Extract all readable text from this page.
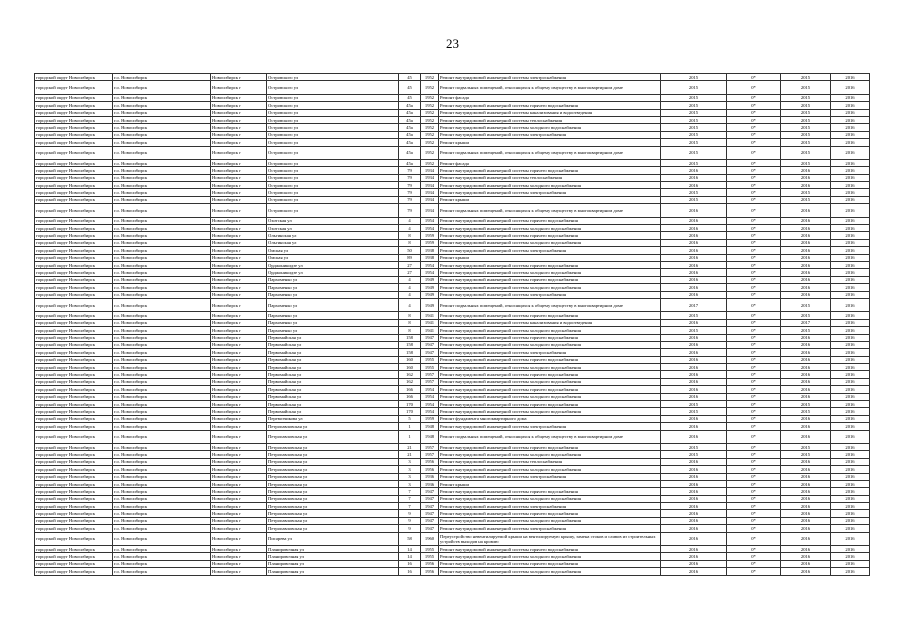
23
городской округ Новосибирск	г.о. Новосибирск	Новосибирск г	Островского ул	45	1952	Ремонт внутридомовой инженерной системы электроснабжения	2015	0*	2015	2016
городской округ Новосибирск	г.о. Новосибирск	Новосибирск г	Островского ул	45	1952	Ремонт подвальных помещений, относящихся к общему имуществу в многоквартирном доме	2015	0*	2015	2016
городской округ Новосибирск	г.о. Новосибирск	Новосибирск г	Островского ул	45	1952	Ремонт фасада	2015	0*	2015	2016
городской округ Новосибирск	г.о. Новосибирск	Новосибирск г	Островского ул	45а	1952	Ремонт внутридомовой инженерной системы горячего водоснабжения	2015	0*	2015	2016
городской округ Новосибирск	г.о. Новосибирск	Новосибирск г	Островского ул	45а	1952	Ремонт внутридомовой инженерной системы канализования и водоотведения	2015	0*	2015	2016
городской округ Новосибирск	г.о. Новосибирск	Новосибирск г	Островского ул	45а	1952	Ремонт внутридомовой инженерной системы теплоснабжения	2015	0*	2015	2016
городской округ Новосибирск	г.о. Новосибирск	Новосибирск г	Островского ул	45а	1952	Ремонт внутридомовой инженерной системы холодного водоснабжения	2015	0*	2015	2016
городской округ Новосибирск	г.о. Новосибирск	Новосибирск г	Островского ул	45а	1952	Ремонт внутридомовой инженерной системы электроснабжения	2015	0*	2015	2016
городской округ Новосибирск	г.о. Новосибирск	Новосибирск г	Островского ул	45а	1952	Ремонт крыши	2015	0*	2015	2016
городской округ Новосибирск	г.о. Новосибирск	Новосибирск г	Островского ул	45а	1952	Ремонт подвальных помещений, относящихся к общему имуществу в многоквартирном доме	2015	0*	2015	2016
городской округ Новосибирск	г.о. Новосибирск	Новосибирск г	Островского ул	45а	1952	Ремонт фасада	2015	0*	2015	2016
городской округ Новосибирск	г.о. Новосибирск	Новосибирск г	Островского ул	79	1934	Ремонт внутридомовой инженерной системы горячего водоснабжения	2016	0*	2016	2016
городской округ Новосибирск	г.о. Новосибирск	Новосибирск г	Островского ул	79	1934	Ремонт внутридомовой инженерной системы теплоснабжения	2016	0*	2016	2016
городской округ Новосибирск	г.о. Новосибирск	Новосибирск г	Островского ул	79	1934	Ремонт внутридомовой инженерной системы холодного водоснабжения	2016	0*	2016	2016
городской округ Новосибирск	г.о. Новосибирск	Новосибирск г	Островского ул	79	1934	Ремонт внутридомовой инженерной системы электроснабжения	2015	0*	2015	2016
городской округ Новосибирск	г.о. Новосибирск	Новосибирск г	Островского ул	79	1934	Ремонт крыши	2015	0*	2015	2016
городской округ Новосибирск	г.о. Новосибирск	Новосибирск г	Островского ул	79	1934	Ремонт подвальных помещений, относящихся к общему имуществу в многоквартирном доме	2016	0*	2016	2016
городской округ Новосибирск	г.о. Новосибирск	Новосибирск г	Охотская ул	4	1954	Ремонт внутридомовой инженерной системы горячего водоснабжения	2016	0*	2016	2016
городской округ Новосибирск	г.о. Новосибирск	Новосибирск г	Охотская ул	4	1954	Ремонт внутридомовой инженерной системы холодного водоснабжения	2016	0*	2016	2016
городской округ Новосибирск	г.о. Новосибирск	Новосибирск г	Ольгинская ул	8	1959	Ремонт внутридомовой инженерной системы горячего водоснабжения	2016	0*	2016	2016
городской округ Новосибирск	г.о. Новосибирск	Новосибирск г	Ольгинская ул	8	1959	Ремонт внутридомовой инженерной системы холодного водоснабжения	2016	0*	2016	2016
городской округ Новосибирск	г.о. Новосибирск	Новосибирск г	Омская ул	50	1938	Ремонт внутридомовой инженерной системы электроснабжения	2016	0*	2016	2016
городской округ Новосибирск	г.о. Новосибирск	Новосибирск г	Омская ул	89	1938	Ремонт крыши	2016	0*	2016	2016
городской округ Новосибирск	г.о. Новосибирск	Новосибирск г	Орджоникидзе ул	27	1954	Ремонт внутридомовой инженерной системы горячего водоснабжения	2016	0*	2016	2016
городской округ Новосибирск	г.о. Новосибирск	Новосибирск г	Орджоникидзе ул	27	1954	Ремонт внутридомовой инженерной системы холодного водоснабжения	2016	0*	2016	2016
городской округ Новосибирск	г.о. Новосибирск	Новосибирск г	Пархоменко ул	4	1949	Ремонт внутридомовой инженерной системы горячего водоснабжения	2016	0*	2016	2016
городской округ Новосибирск	г.о. Новосибирск	Новосибирск г	Пархоменко ул	4	1949	Ремонт внутридомовой инженерной системы холодного водоснабжения	2016	0*	2016	2016
городской округ Новосибирск	г.о. Новосибирск	Новосибирск г	Пархоменко ул	4	1949	Ремонт внутридомовой инженерной системы электроснабжения	2016	0*	2016	2016
городской округ Новосибирск	г.о. Новосибирск	Новосибирск г	Пархоменко ул	4	1949	Ремонт подвальных помещений, относящихся к общему имуществу в многоквартирном доме	2017	0*	2015	2016
городской округ Новосибирск	г.о. Новосибирск	Новосибирск г	Пархоменко ул	8	1941	Ремонт внутридомовой инженерной системы горячего водоснабжения	2015	0*	2015	2016
городской округ Новосибирск	г.о. Новосибирск	Новосибирск г	Пархоменко ул	8	1941	Ремонт внутридомовой инженерной системы канализования и водоотведения	2016	0*	2017	2016
городской округ Новосибирск	г.о. Новосибирск	Новосибирск г	Пархоменко ул	8	1941	Ремонт внутридомовой инженерной системы холодного водоснабжения	2015	0*	2015	2016
городской округ Новосибирск	г.о. Новосибирск	Новосибирск г	Первомайская ул	158	1947	Ремонт внутридомовой инженерной системы горячего водоснабжения	2016	0*	2016	2016
городской округ Новосибирск	г.о. Новосибирск	Новосибирск г	Первомайская ул	158	1947	Ремонт внутридомовой инженерной системы холодного водоснабжения	2016	0*	2016	2016
городской округ Новосибирск	г.о. Новосибирск	Новосибирск г	Первомайская ул	158	1947	Ремонт внутридомовой инженерной системы электроснабжения	2016	0*	2016	2016
городской округ Новосибирск	г.о. Новосибирск	Новосибирск г	Первомайская ул	160	1955	Ремонт внутридомовой инженерной системы горячего водоснабжения	2016	0*	2016	2016
городской округ Новосибирск	г.о. Новосибирск	Новосибирск г	Первомайская ул	160	1955	Ремонт внутридомовой инженерной системы холодного водоснабжения	2016	0*	2016	2016
городской округ Новосибирск	г.о. Новосибирск	Новосибирск г	Первомайская ул	162	1957	Ремонт внутридомовой инженерной системы горячего водоснабжения	2016	0*	2016	2016
городской округ Новосибирск	г.о. Новосибирск	Новосибирск г	Первомайская ул	162	1957	Ремонт внутридомовой инженерной системы холодного водоснабжения	2016	0*	2016	2016
городской округ Новосибирск	г.о. Новосибирск	Новосибирск г	Первомайская ул	166	1954	Ремонт внутридомовой инженерной системы горячего водоснабжения	2016	0*	2016	2016
городской округ Новосибирск	г.о. Новосибирск	Новосибирск г	Первомайская ул	166	1954	Ремонт внутридомовой инженерной системы холодного водоснабжения	2016	0*	2016	2016
городской округ Новосибирск	г.о. Новосибирск	Новосибирск г	Первомайская ул	170	1954	Ремонт внутридомовой инженерной системы горячего водоснабжения	2015	0*	2015	2016
городской округ Новосибирск	г.о. Новосибирск	Новосибирск г	Первомайская ул	170	1954	Ремонт внутридомовой инженерной системы холодного водоснабжения	2015	0*	2015	2016
городской округ Новосибирск	г.о. Новосибирск	Новосибирск г	Перевозчикова ул	5	1959	Ремонт фундамента многоквартирного дома	2016	0*	2016	2016
городской округ Новосибирск	г.о. Новосибирск	Новосибирск г	Петропавловская ул	1	1948	Ремонт внутридомовой инженерной системы электроснабжения	2016	0*	2016	2016
городской округ Новосибирск	г.о. Новосибирск	Новосибирск г	Петропавловская ул	1	1948	Ремонт подвальных помещений, относящихся к общему имуществу в многоквартирном доме	2016	0*	2016	2016
городской округ Новосибирск	г.о. Новосибирск	Новосибирск г	Петропавловская ул	21	1957	Ремонт внутридомовой инженерной системы горячего водоснабжения	2015	0*	2015	2016
городской округ Новосибирск	г.о. Новосибирск	Новосибирск г	Петропавловская ул	21	1957	Ремонт внутридомовой инженерной системы холодного водоснабжения	2015	0*	2015	2016
городской округ Новосибирск	г.о. Новосибирск	Новосибирск г	Петропавловская ул	3	1956	Ремонт внутридомовой инженерной системы теплоснабжения	2016	0*	2016	2016
городской округ Новосибирск	г.о. Новосибирск	Новосибирск г	Петропавловская ул	3	1956	Ремонт внутридомовой инженерной системы холодного водоснабжения	2016	0*	2016	2016
городской округ Новосибирск	г.о. Новосибирск	Новосибирск г	Петропавловская ул	3	1936	Ремонт внутридомовой инженерной системы электроснабжения	2016	0*	2016	2016
городской округ Новосибирск	г.о. Новосибирск	Новосибирск г	Петропавловская ул	3	1936	Ремонт крыши	2016	0*	2016	2016
городской округ Новосибирск	г.о. Новосибирск	Новосибирск г	Петропавловская ул	7	1947	Ремонт внутридомовой инженерной системы горячего водоснабжения	2016	0*	2016	2016
городской округ Новосибирск	г.о. Новосибирск	Новосибирск г	Петропавловская ул	7	1947	Ремонт внутридомовой инженерной системы холодного водоснабжения	2016	0*	2016	2016
городской округ Новосибирск	г.о. Новосибирск	Новосибирск г	Петропавловская ул	7	1947	Ремонт внутридомовой инженерной системы электроснабжения	2016	0*	2016	2016
городской округ Новосибирск	г.о. Новосибирск	Новосибирск г	Петропавловская ул	9	1947	Ремонт внутридомовой инженерной системы горячего водоснабжения	2016	0*	2016	2016
городской округ Новосибирск	г.о. Новосибирск	Новосибирск г	Петропавловская ул	9	1947	Ремонт внутридомовой инженерной системы холодного водоснабжения	2016	0*	2016	2016
городской округ Новосибирск	г.о. Новосибирск	Новосибирск г	Петропавловская ул	9	1947	Ремонт внутридомовой инженерной системы электроснабжения	2016	0*	2016	2016
городской округ Новосибирск	г.о. Новосибирск	Новосибирск г	Писарева ул	58	1960	Переустройство невентилируемой крыши на вентилируемую крышу, замена стоков и сливов из строительных устройств выходов на кровлю	2016	0*	2016	2016
городской округ Новосибирск	г.о. Новосибирск	Новосибирск г	Планировочная ул	14	1955	Ремонт внутридомовой инженерной системы горячего водоснабжения	2016	0*	2016	2016
городской округ Новосибирск	г.о. Новосибирск	Новосибирск г	Планировочная ул	14	1955	Ремонт внутридомовой инженерной системы холодного водоснабжения	2016	0*	2016	2016
городской округ Новосибирск	г.о. Новосибирск	Новосибирск г	Планировочная ул	16	1956	Ремонт внутридомовой инженерной системы горячего водоснабжения	2016	0*	2016	2016
городской округ Новосибирск	г.о. Новосибирск	Новосибирск г	Планировочная ул	16	1956	Ремонт внутридомовой инженерной системы холодного водоснабжения	2016	0*	2016	2016
